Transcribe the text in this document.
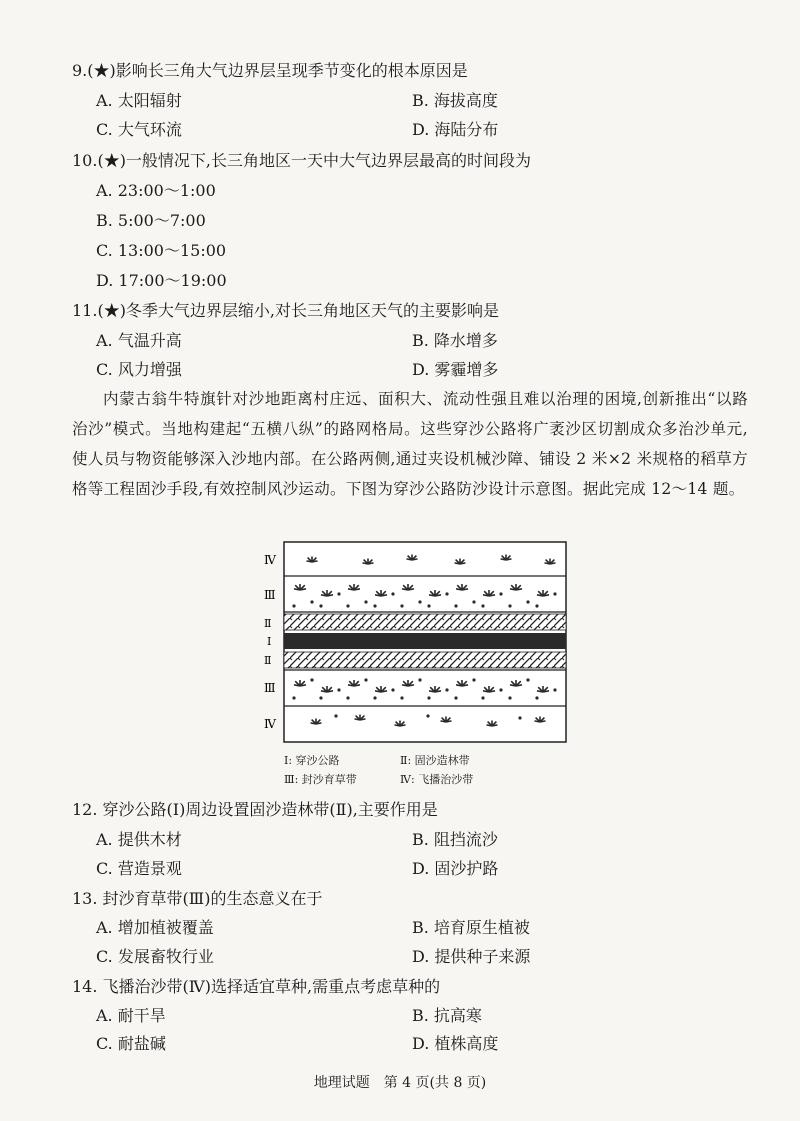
9.(★)影响长三角大气边界层呈现季节变化的根本原因是
A. 太阳辐射	B. 海拔高度
C. 大气环流	D. 海陆分布
10.(★)一般情况下,长三角地区一天中大气边界层最高的时间段为
A. 23:00～1:00
B. 5:00～7:00
C. 13:00～15:00
D. 17:00～19:00
11.(★)冬季大气边界层缩小,对长三角地区天气的主要影响是
A. 气温升高	B. 降水增多
C. 风力增强	D. 雾霾增多
内蒙古翁牛特旗针对沙地距离村庄远、面积大、流动性强且难以治理的困境,创新推出“以路治沙”模式。当地构建起“五横八纵”的路网格局。这些穿沙公路将广袤沙区切割成众多治沙单元,使人员与物资能够深入沙地内部。在公路两侧,通过夹设机械沙障、铺设 2 米×2 米规格的稻草方格等工程固沙手段,有效控制风沙运动。下图为穿沙公路防沙设计示意图。据此完成 12～14 题。
Ⅳ
Ⅲ
Ⅱ
Ⅰ
Ⅱ
Ⅲ
Ⅳ
Ⅰ: 穿沙公路	Ⅱ: 固沙造林带
Ⅲ: 封沙育草带	Ⅳ: 飞播治沙带
12. 穿沙公路(Ⅰ)周边设置固沙造林带(Ⅱ),主要作用是
A. 提供木材	B. 阻挡流沙
C. 营造景观	D. 固沙护路
13. 封沙育草带(Ⅲ)的生态意义在于
A. 增加植被覆盖	B. 培育原生植被
C. 发展畜牧行业	D. 提供种子来源
14. 飞播治沙带(Ⅳ)选择适宜草种,需重点考虑草种的
A. 耐干旱	B. 抗高寒
C. 耐盐碱	D. 植株高度
地理试题　第 4 页(共 8 页)
